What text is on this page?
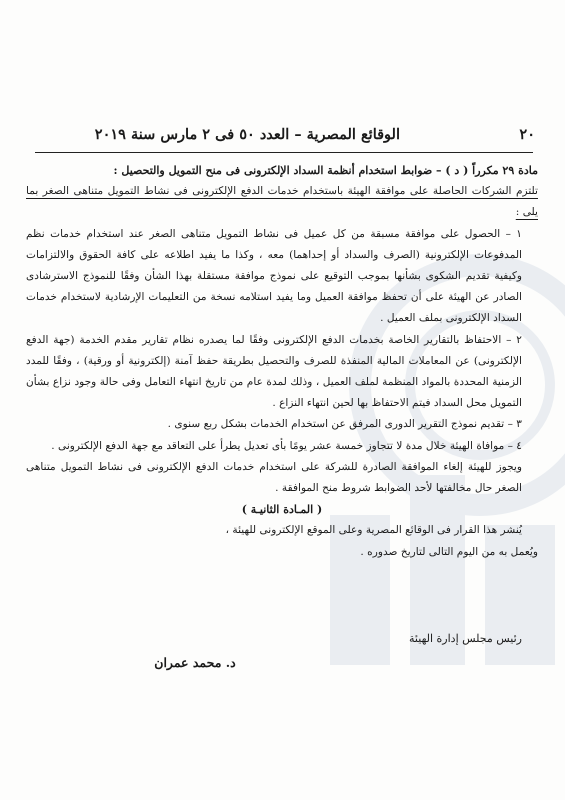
٢٠
الوقائع المصرية – العدد ٥٠ فى ٢ مارس سنة ٢٠١٩

مادة ٢٩ مكرراً ( د ) – ضوابط استخدام أنظمة السداد الإلكترونى فى منح التمويل والتحصيل :

تلتزم الشركات الحاصلة على موافقة الهيئة باستخدام خدمات الدفع الإلكترونى فى نشاط التمويل متناهى الصغر بما يلى :

١ – الحصول على موافقة مسبقة من كل عميل فى نشاط التمويل متناهى الصغر عند استخدام خدمات نظم المدفوعات الإلكترونية (الصرف والسداد أو إحداهما) معه ، وكذا ما يفيد اطلاعه على كافة الحقوق والالتزامات وكيفية تقديم الشكوى بشأنها بموجب التوقيع على نموذج موافقة مستقلة بهذا الشأن وفقًا للنموذج الاسترشادى الصادر عن الهيئة على أن تحفظ موافقة العميل وما يفيد استلامه نسخة من التعليمات الإرشادية لاستخدام خدمات السداد الإلكترونى بملف العميل .

٢ – الاحتفاظ بالتقارير الخاصة بخدمات الدفع الإلكترونى وفقًا لما يصدره نظام تقارير مقدم الخدمة (جهة الدفع الإلكترونى) عن المعاملات المالية المنفذة للصرف والتحصيل بطريقة حفظ آمنة (إلكترونية أو ورقية) ، وفقًا للمدد الزمنية المحددة بالمواد المنظمة لملف العميل ، وذلك لمدة عام من تاريخ انتهاء التعامل وفى حالة وجود نزاع بشأن التمويل محل السداد فيتم الاحتفاظ بها لحين انتهاء النزاع .

٣ – تقديم نموذج التقرير الدورى المرفق عن استخدام الخدمات بشكل ربع سنوى .

٤ – موافاة الهيئة خلال مدة لا تتجاوز خمسة عشر يومًا بأى تعديل يطرأ على التعاقد مع جهة الدفع الإلكترونى .

ويجوز للهيئة إلغاء الموافقة الصادرة للشركة على استخدام خدمات الدفع الإلكترونى فى نشاط التمويل متناهى الصغر حال مخالفتها لأحد الضوابط شروط منح الموافقة .

( المـادة الثانيـة )

يُنشر هذا القرار فى الوقائع المصرية وعلى الموقع الإلكترونى للهيئة ،

ويُعمل به من اليوم التالى لتاريخ صدوره .

رئيس مجلس إدارة الهيئة
د. محمد عمران
